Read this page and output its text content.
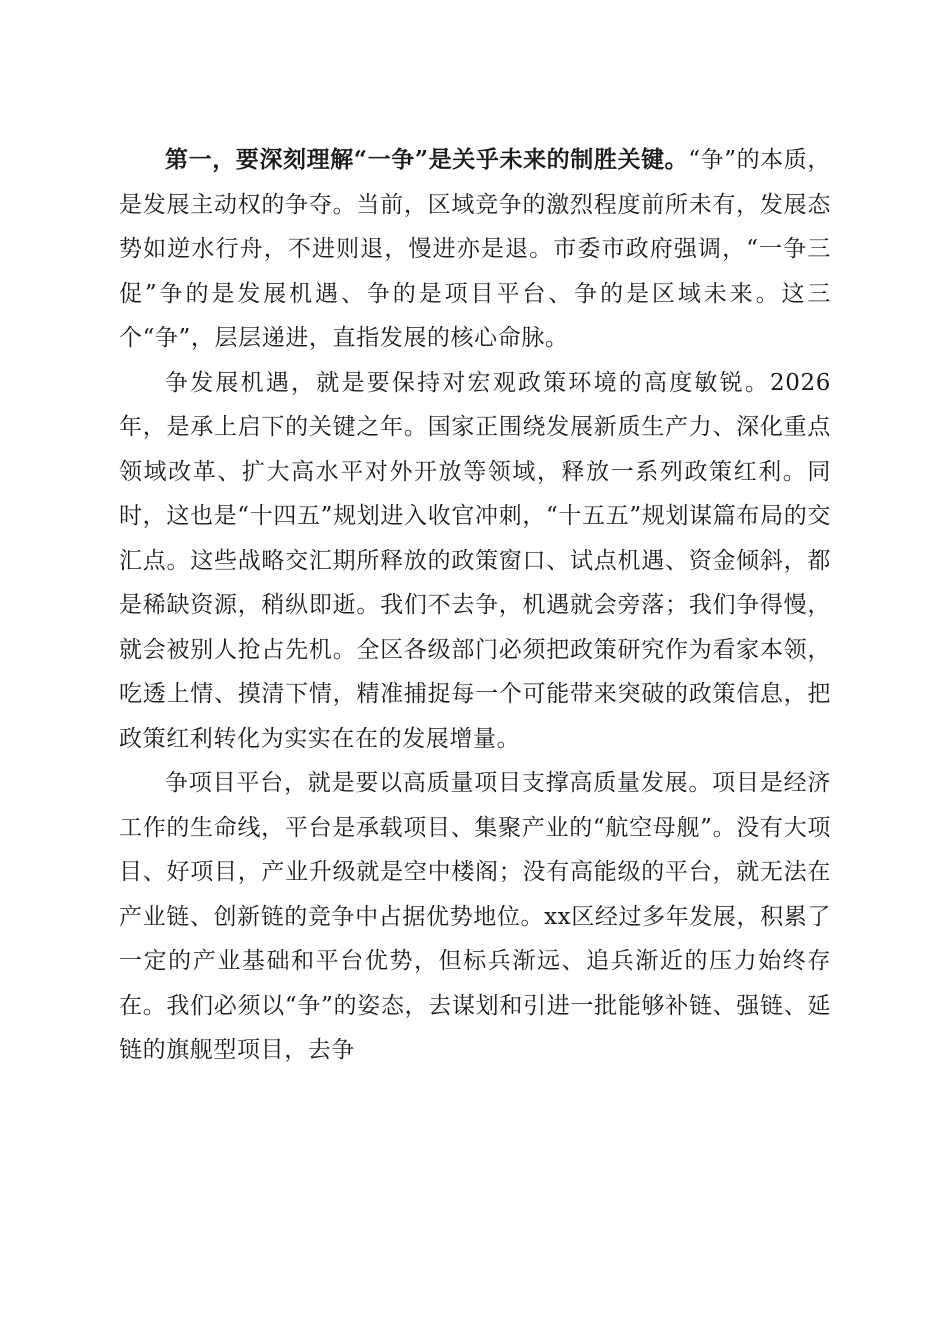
第一，要深刻理解“一争”是关乎未来的制胜关键。“争”的本质，是发展主动权的争夺。当前，区域竞争的激烈程度前所未有，发展态势如逆水行舟，不进则退，慢进亦是退。市委市政府强调，“一争三促”争的是发展机遇、争的是项目平台、争的是区域未来。这三个“争”，层层递进，直指发展的核心命脉。

争发展机遇，就是要保持对宏观政策环境的高度敏锐。2026年，是承上启下的关键之年。国家正围绕发展新质生产力、深化重点领域改革、扩大高水平对外开放等领域，释放一系列政策红利。同时，这也是“十四五”规划进入收官冲刺，“十五五”规划谋篇布局的交汇点。这些战略交汇期所释放的政策窗口、试点机遇、资金倾斜，都是稀缺资源，稍纵即逝。我们不去争，机遇就会旁落；我们争得慢，就会被别人抢占先机。全区各级部门必须把政策研究作为看家本领，吃透上情、摸清下情，精准捕捉每一个可能带来突破的政策信息，把政策红利转化为实实在在的发展增量。

争项目平台，就是要以高质量项目支撑高质量发展。项目是经济工作的生命线，平台是承载项目、集聚产业的“航空母舰”。没有大项目、好项目，产业升级就是空中楼阁；没有高能级的平台，就无法在产业链、创新链的竞争中占据优势地位。xx区经过多年发展，积累了一定的产业基础和平台优势，但标兵渐远、追兵渐近的压力始终存在。我们必须以“争”的姿态，去谋划和引进一批能够补链、强链、延链的旗舰型项目，去争
